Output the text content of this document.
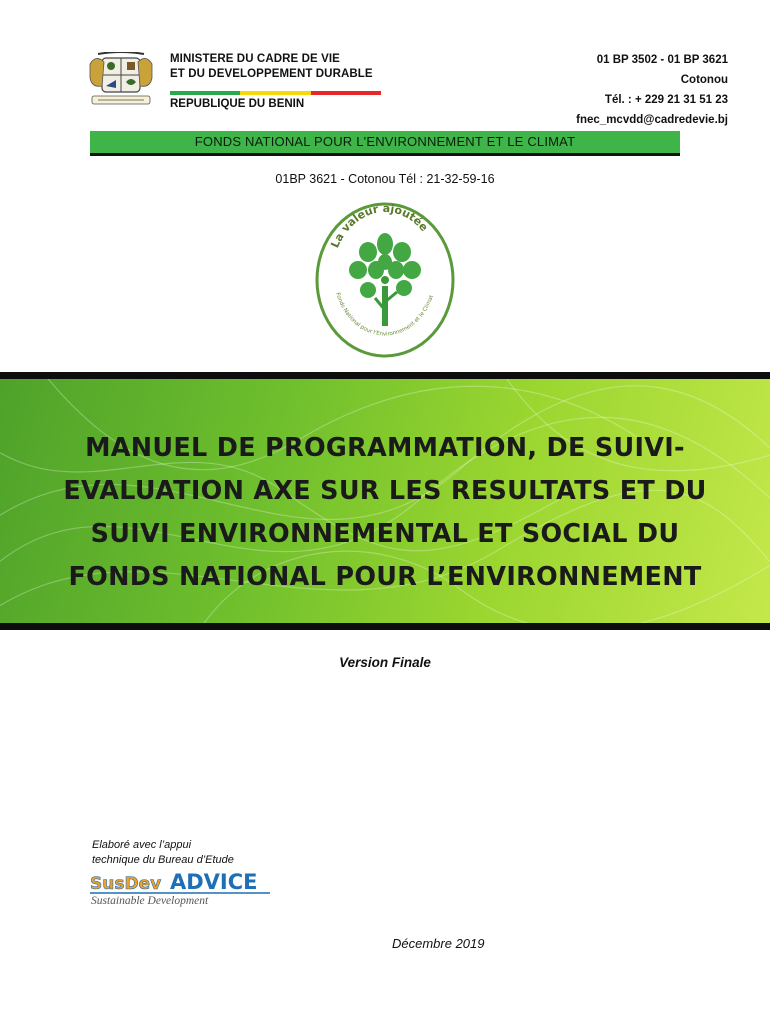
MINISTERE DU CADRE DE VIE
ET DU DEVELOPPEMENT DURABLE
REPUBLIQUE DU BENIN
01 BP 3502 - 01 BP 3621
Cotonou
Tél. : + 229 21 31 51 23
fnec_mcvdd@cadredevie.bj
FONDS NATIONAL POUR L'ENVIRONNEMENT ET LE CLIMAT
01BP 3621 - Cotonou Tél : 21-32-59-16
La valeur ajoutée
Fonds National pour l'Environnement et le Climat
MANUEL DE PROGRAMMATION, DE SUIVI-
EVALUATION AXE SUR LES RESULTATS ET DU
SUIVI ENVIRONNEMENTAL ET SOCIAL DU
FONDS NATIONAL POUR L’ENVIRONNEMENT
Version Finale
Elaboré avec l’appui
technique du Bureau d’Etude
SusDev ADVICE
Sustainable Development
Décembre 2019
